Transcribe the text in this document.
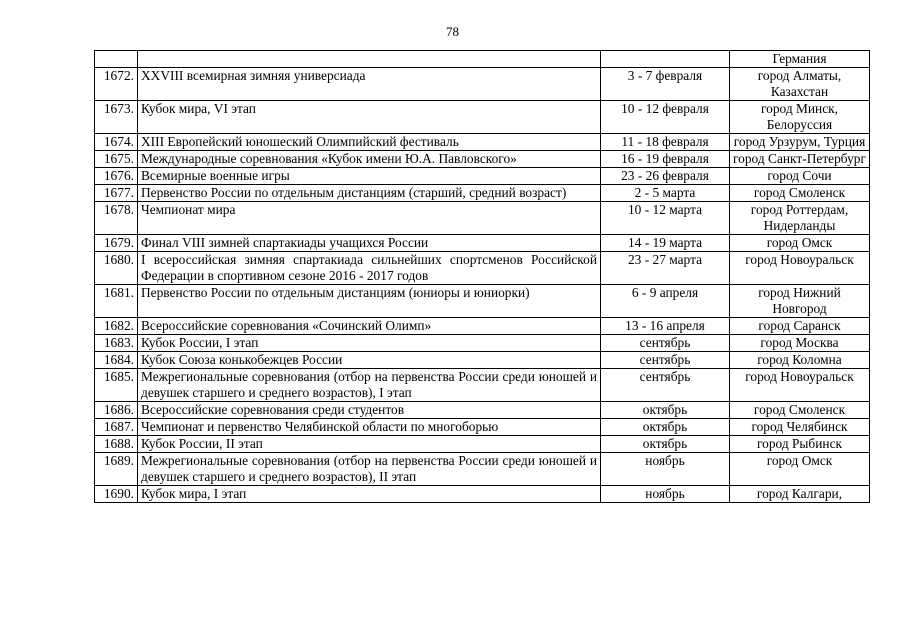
78
			Германия
1672.	XXVIII всемирная зимняя универсиада	3 - 7 февраля	город Алматы, Казахстан
1673.	Кубок мира, VI этап	10 - 12 февраля	город Минск, Белоруссия
1674.	XIII Европейский юношеский Олимпийский фестиваль	11 - 18 февраля	город Урзурум, Турция
1675.	Международные соревнования «Кубок имени Ю.А. Павловского»	16 - 19 февраля	город Санкт-Петербург
1676.	Всемирные военные игры	23 - 26 февраля	город Сочи
1677.	Первенство России по отдельным дистанциям (старший, средний возраст)	2 - 5 марта	город Смоленск
1678.	Чемпионат мира	10 - 12 марта	город Роттердам, Нидерланды
1679.	Финал VIII зимней спартакиады учащихся России	14 - 19 марта	город Омск
1680.	I всероссийская зимняя спартакиада сильнейших спортсменов Российской Федерации в спортивном сезоне 2016 - 2017 годов	23 - 27 марта	город Новоуральск
1681.	Первенство России по отдельным дистанциям (юниоры и юниорки)	6 - 9 апреля	город Нижний Новгород
1682.	Всероссийские соревнования «Сочинский Олимп»	13 - 16 апреля	город Саранск
1683.	Кубок России, I этап	сентябрь	город Москва
1684.	Кубок Союза конькобежцев России	сентябрь	город Коломна
1685.	Межрегиональные соревнования (отбор на первенства России среди юношей и девушек старшего и среднего возрастов), I этап	сентябрь	город Новоуральск
1686.	Всероссийские соревнования среди студентов	октябрь	город Смоленск
1687.	Чемпионат и первенство Челябинской области по многоборью	октябрь	город Челябинск
1688.	Кубок России, II этап	октябрь	город Рыбинск
1689.	Межрегиональные соревнования (отбор на первенства России среди юношей и девушек старшего и среднего возрастов), II этап	ноябрь	город Омск
1690.	Кубок мира, I этап	ноябрь	город Калгари,
